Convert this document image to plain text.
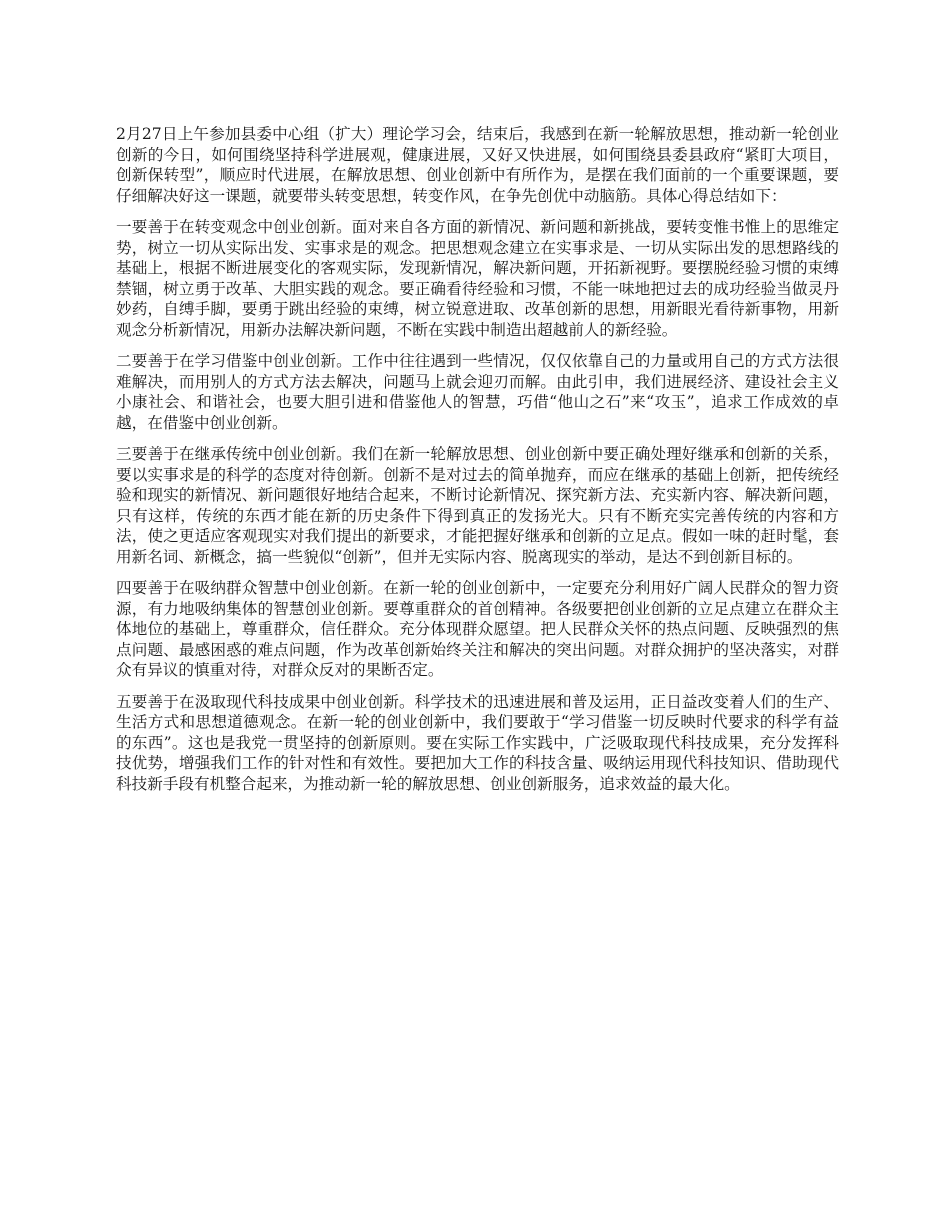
2月27日上午参加县委中心组（扩大）理论学习会，结束后，我感到在新一轮解放思想，推动新一轮创业创新的今日，如何围绕坚持科学进展观，健康进展，又好又快进展，如何围绕县委县政府“紧盯大项目，创新保转型”，顺应时代进展，在解放思想、创业创新中有所作为，是摆在我们面前的一个重要课题，要仔细解决好这一课题，就要带头转变思想，转变作风，在争先创优中动脑筋。具体心得总结如下：

一要善于在转变观念中创业创新。面对来自各方面的新情况、新问题和新挑战，要转变惟书惟上的思维定势，树立一切从实际出发、实事求是的观念。把思想观念建立在实事求是、一切从实际出发的思想路线的基础上，根据不断进展变化的客观实际，发现新情况，解决新问题，开拓新视野。要摆脱经验习惯的束缚禁锢，树立勇于改革、大胆实践的观念。要正确看待经验和习惯，不能一味地把过去的成功经验当做灵丹妙药，自缚手脚，要勇于跳出经验的束缚，树立锐意进取、改革创新的思想，用新眼光看待新事物，用新观念分析新情况，用新办法解决新问题，不断在实践中制造出超越前人的新经验。

二要善于在学习借鉴中创业创新。工作中往往遇到一些情况，仅仅依靠自己的力量或用自己的方式方法很难解决，而用别人的方式方法去解决，问题马上就会迎刃而解。由此引申，我们进展经济、建设社会主义小康社会、和谐社会，也要大胆引进和借鉴他人的智慧，巧借“他山之石”来“攻玉”，追求工作成效的卓越，在借鉴中创业创新。

三要善于在继承传统中创业创新。我们在新一轮解放思想、创业创新中要正确处理好继承和创新的关系，要以实事求是的科学的态度对待创新。创新不是对过去的简单抛弃，而应在继承的基础上创新，把传统经验和现实的新情况、新问题很好地结合起来，不断讨论新情况、探究新方法、充实新内容、解决新问题，只有这样，传统的东西才能在新的历史条件下得到真正的发扬光大。只有不断充实完善传统的内容和方法，使之更适应客观现实对我们提出的新要求，才能把握好继承和创新的立足点。假如一味的赶时髦，套用新名词、新概念，搞一些貌似“创新”，但并无实际内容、脱离现实的举动，是达不到创新目标的。

四要善于在吸纳群众智慧中创业创新。在新一轮的创业创新中，一定要充分利用好广阔人民群众的智力资源，有力地吸纳集体的智慧创业创新。要尊重群众的首创精神。各级要把创业创新的立足点建立在群众主体地位的基础上，尊重群众，信任群众。充分体现群众愿望。把人民群众关怀的热点问题、反映强烈的焦点问题、最感困惑的难点问题，作为改革创新始终关注和解决的突出问题。对群众拥护的坚决落实，对群众有异议的慎重对待，对群众反对的果断否定。

五要善于在汲取现代科技成果中创业创新。科学技术的迅速进展和普及运用，正日益改变着人们的生产、生活方式和思想道德观念。在新一轮的创业创新中，我们要敢于“学习借鉴一切反映时代要求的科学有益的东西”。这也是我党一贯坚持的创新原则。要在实际工作实践中，广泛吸取现代科技成果，充分发挥科技优势，增强我们工作的针对性和有效性。要把加大工作的科技含量、吸纳运用现代科技知识、借助现代科技新手段有机整合起来，为推动新一轮的解放思想、创业创新服务，追求效益的最大化。
